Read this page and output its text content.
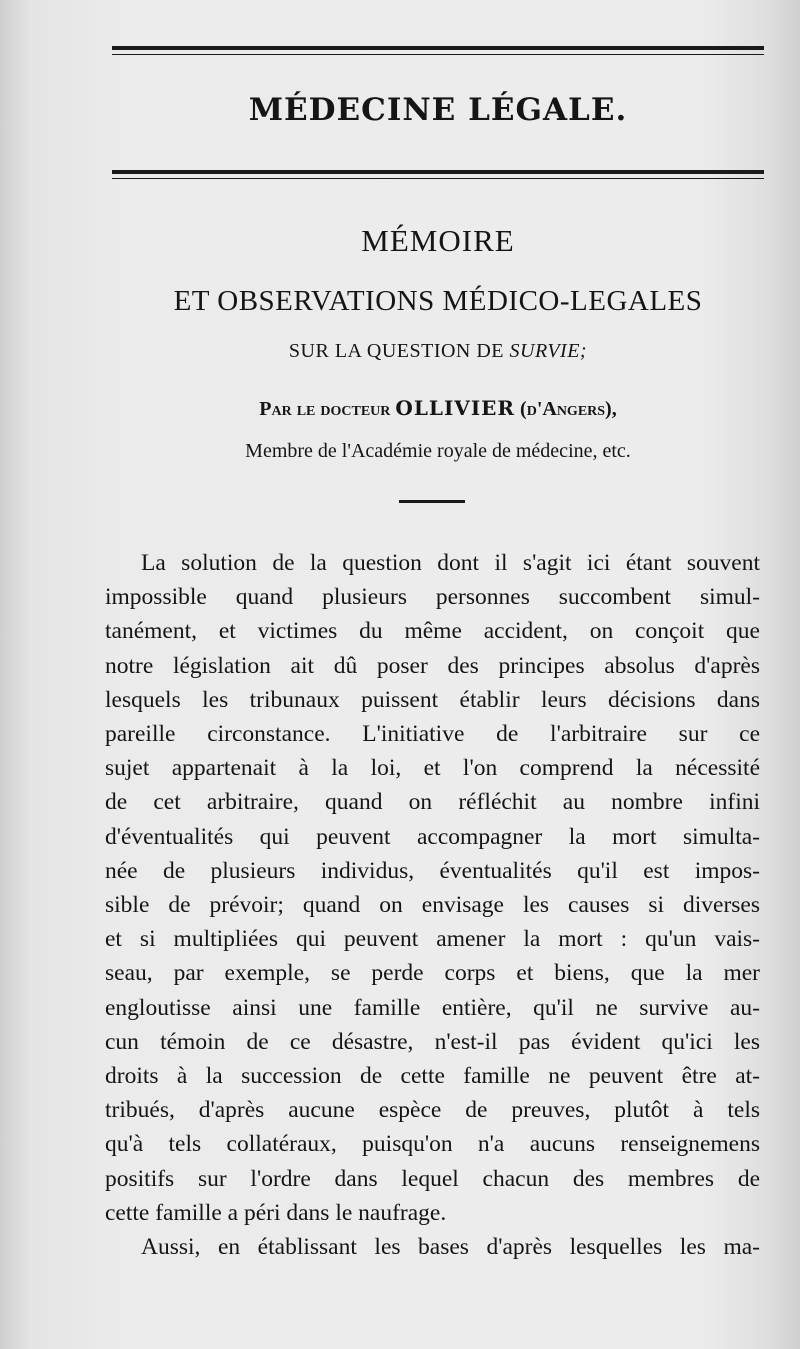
MÉDECINE LÉGALE.
MÉMOIRE
ET OBSERVATIONS MÉDICO-LEGALES
SUR LA QUESTION DE SURVIE;
Par le docteur OLLIVIER (d'Angers),
Membre de l'Académie royale de médecine, etc.
La solution de la question dont il s'agit ici étant souvent
impossible quand plusieurs personnes succombent simul-
tanément, et victimes du même accident, on conçoit que
notre législation ait dû poser des principes absolus d'après
lesquels les tribunaux puissent établir leurs décisions dans
pareille circonstance. L'initiative de l'arbitraire sur ce
sujet appartenait à la loi, et l'on comprend la nécessité
de cet arbitraire, quand on réfléchit au nombre infini
d'éventualités qui peuvent accompagner la mort simulta-
née de plusieurs individus, éventualités qu'il est impos-
sible de prévoir; quand on envisage les causes si diverses
et si multipliées qui peuvent amener la mort : qu'un vais-
seau, par exemple, se perde corps et biens, que la mer
engloutisse ainsi une famille entière, qu'il ne survive au-
cun témoin de ce désastre, n'est-il pas évident qu'ici les
droits à la succession de cette famille ne peuvent être at-
tribués, d'après aucune espèce de preuves, plutôt à tels
qu'à tels collatéraux, puisqu'on n'a aucuns renseignemens
positifs sur l'ordre dans lequel chacun des membres de
cette famille a péri dans le naufrage.
Aussi, en établissant les bases d'après lesquelles les ma-
